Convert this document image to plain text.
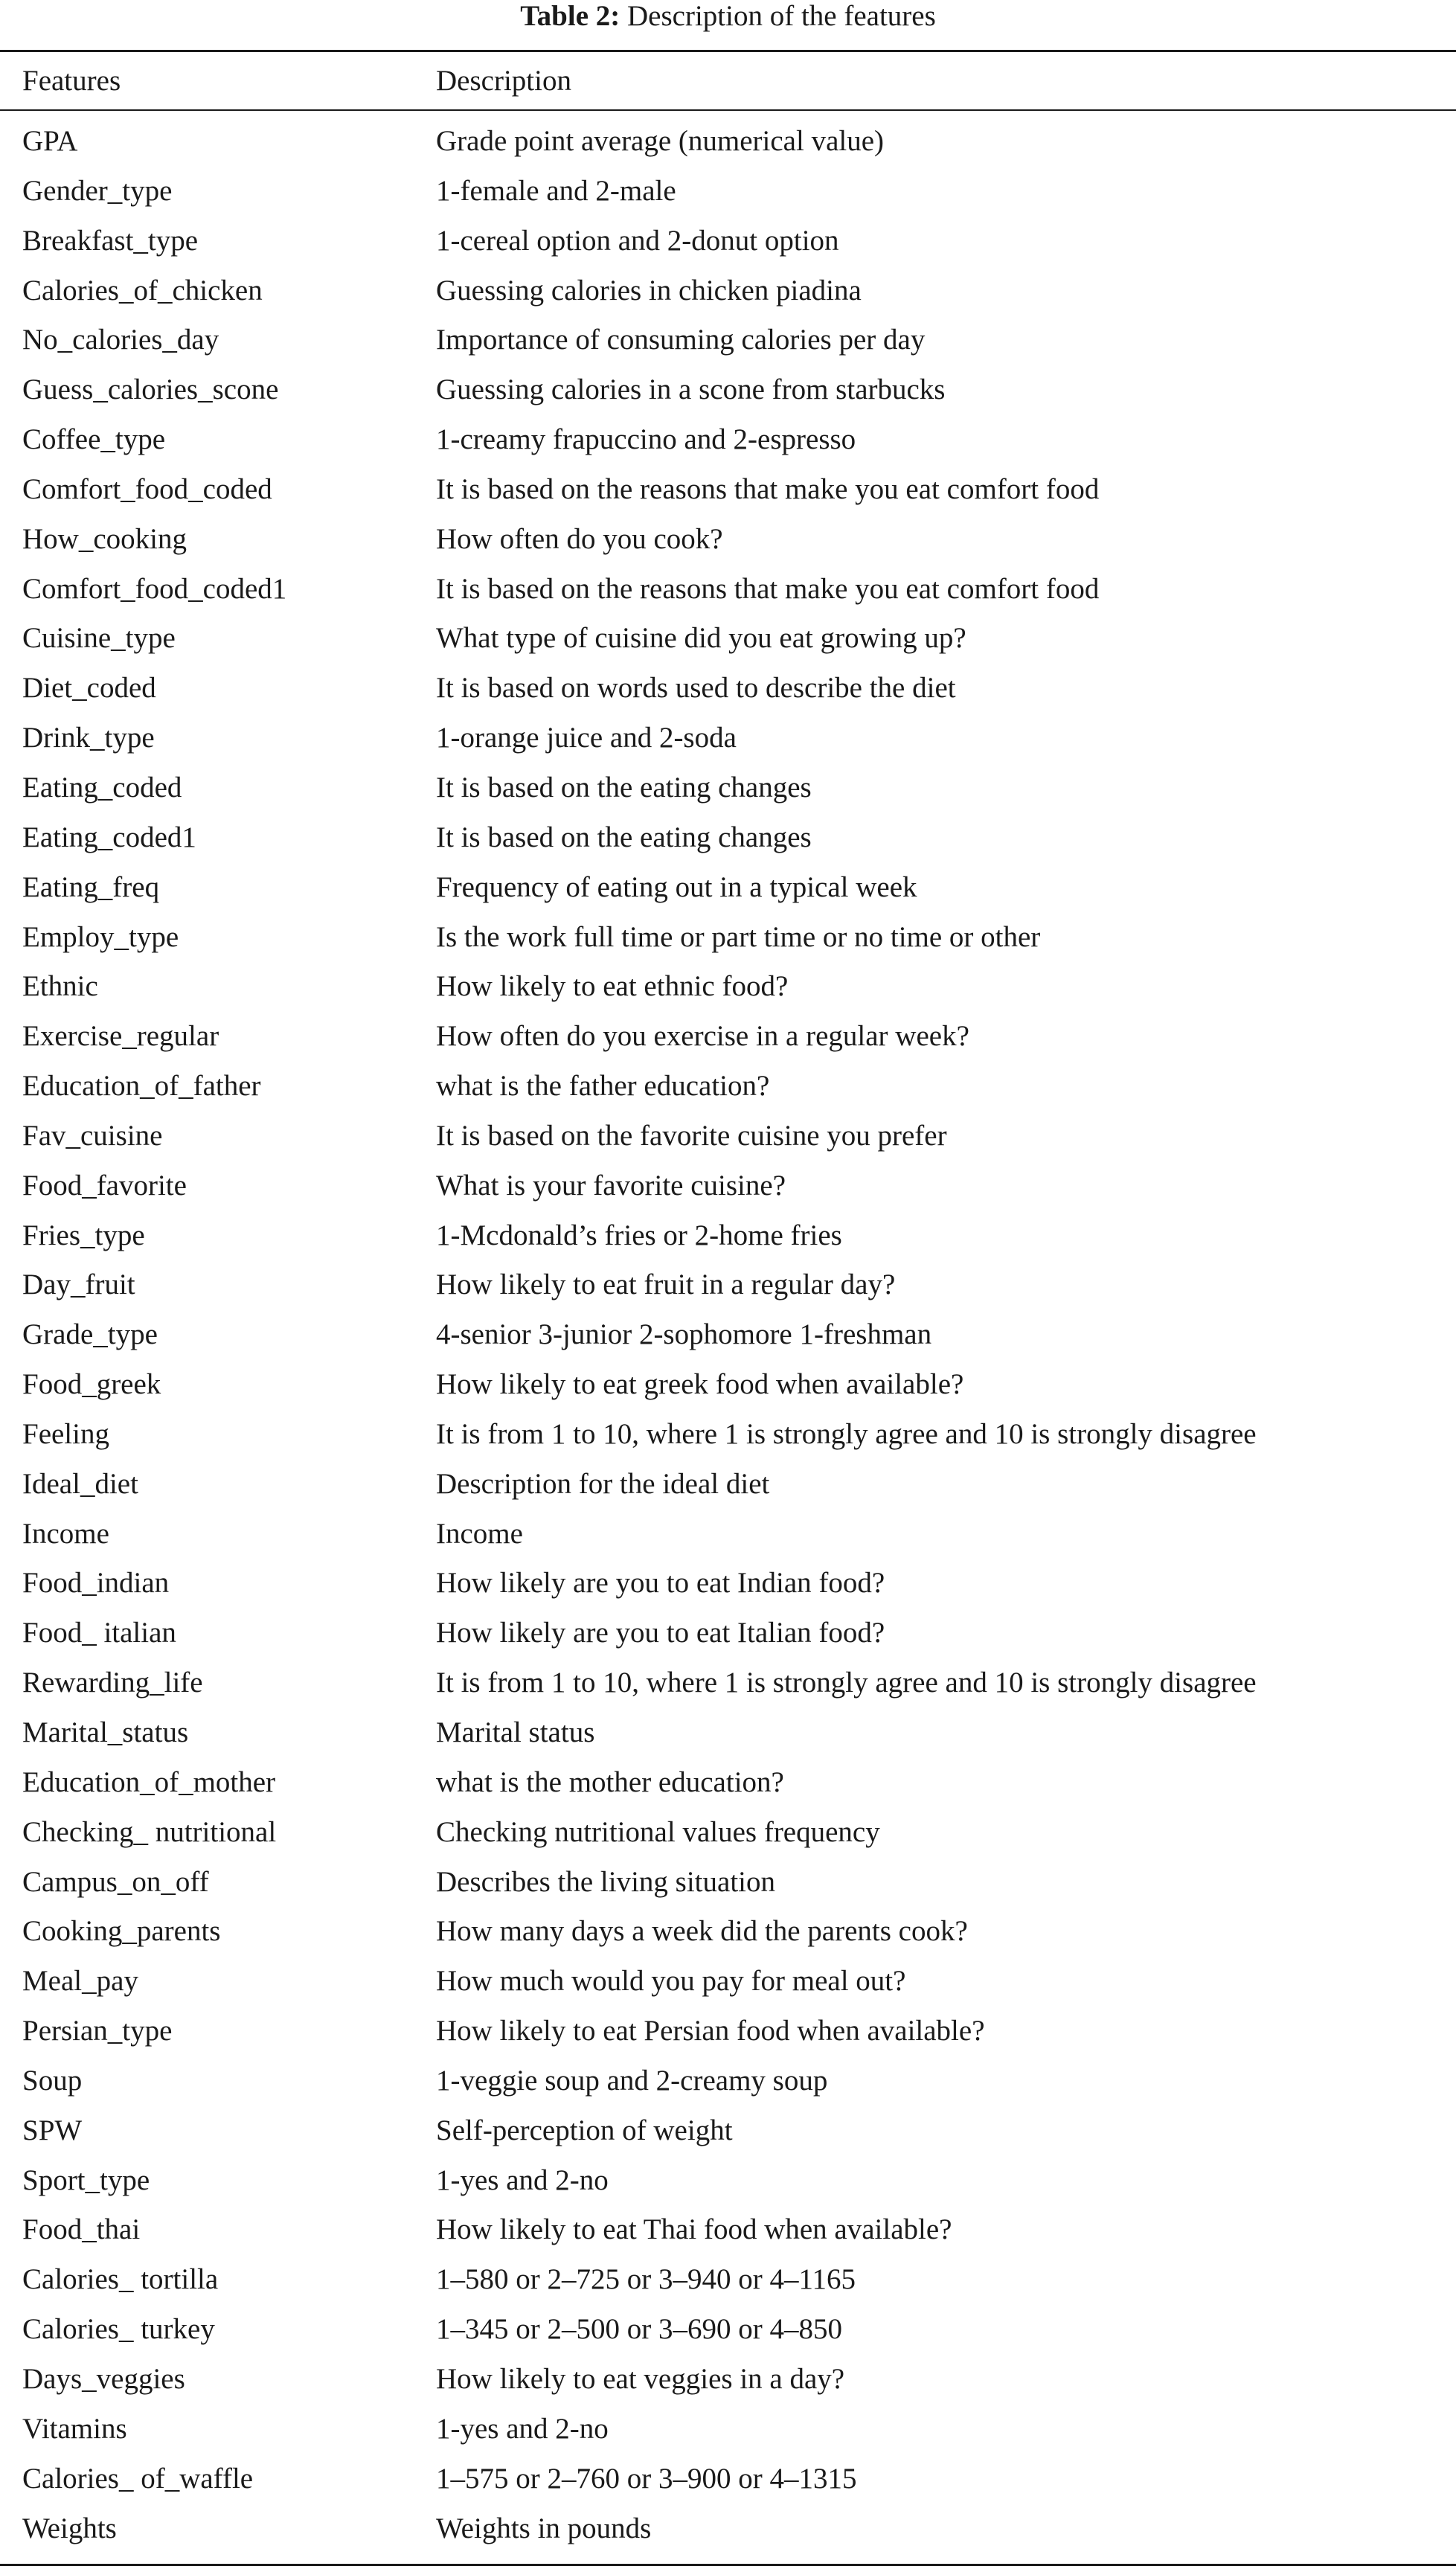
Table 2: Description of the features
Features	Description
GPA	Grade point average (numerical value)
Gender_type	1-female and 2-male
Breakfast_type	1-cereal option and 2-donut option
Calories_of_chicken	Guessing calories in chicken piadina
No_calories_day	Importance of consuming calories per day
Guess_calories_scone	Guessing calories in a scone from starbucks
Coffee_type	1-creamy frapuccino and 2-espresso
Comfort_food_coded	It is based on the reasons that make you eat comfort food
How_cooking	How often do you cook?
Comfort_food_coded1	It is based on the reasons that make you eat comfort food
Cuisine_type	What type of cuisine did you eat growing up?
Diet_coded	It is based on words used to describe the diet
Drink_type	1-orange juice and 2-soda
Eating_coded	It is based on the eating changes
Eating_coded1	It is based on the eating changes
Eating_freq	Frequency of eating out in a typical week
Employ_type	Is the work full time or part time or no time or other
Ethnic	How likely to eat ethnic food?
Exercise_regular	How often do you exercise in a regular week?
Education_of_father	what is the father education?
Fav_cuisine	It is based on the favorite cuisine you prefer
Food_favorite	What is your favorite cuisine?
Fries_type	1-Mcdonald’s fries or 2-home fries
Day_fruit	How likely to eat fruit in a regular day?
Grade_type	4-senior 3-junior 2-sophomore 1-freshman
Food_greek	How likely to eat greek food when available?
Feeling	It is from 1 to 10, where 1 is strongly agree and 10 is strongly disagree
Ideal_diet	Description for the ideal diet
Income	Income
Food_indian	How likely are you to eat Indian food?
Food_ italian	How likely are you to eat Italian food?
Rewarding_life	It is from 1 to 10, where 1 is strongly agree and 10 is strongly disagree
Marital_status	Marital status
Education_of_mother	what is the mother education?
Checking_ nutritional	Checking nutritional values frequency
Campus_on_off	Describes the living situation
Cooking_parents	How many days a week did the parents cook?
Meal_pay	How much would you pay for meal out?
Persian_type	How likely to eat Persian food when available?
Soup	1-veggie soup and 2-creamy soup
SPW	Self-perception of weight
Sport_type	1-yes and 2-no
Food_thai	How likely to eat Thai food when available?
Calories_ tortilla	1–580 or 2–725 or 3–940 or 4–1165
Calories_ turkey	1–345 or 2–500 or 3–690 or 4–850
Days_veggies	How likely to eat veggies in a day?
Vitamins	1-yes and 2-no
Calories_ of_waffle	1–575 or 2–760 or 3–900 or 4–1315
Weights	Weights in pounds
